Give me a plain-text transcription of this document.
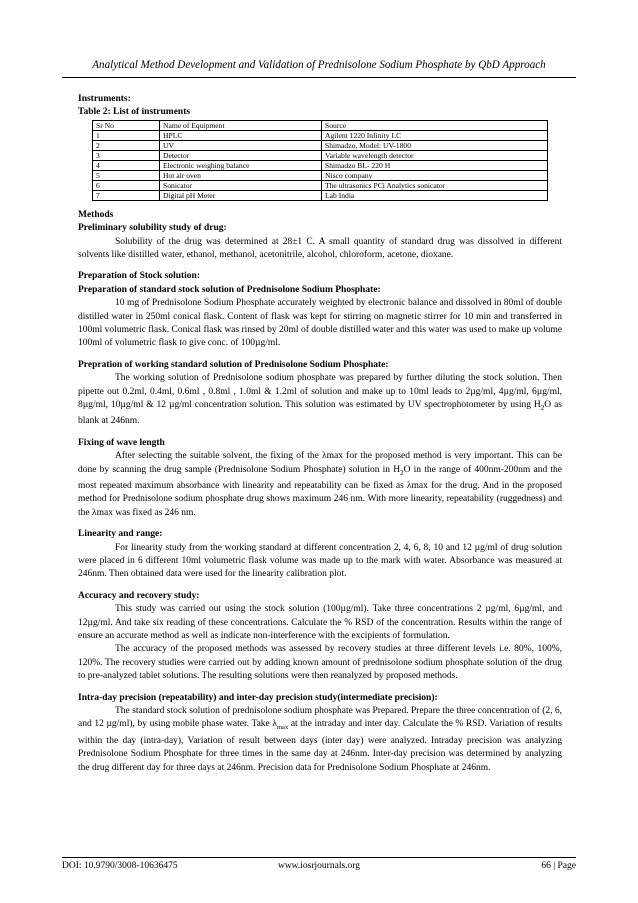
Analytical Method Development and Validation of Prednisolone Sodium Phosphate by QbD Approach

Instruments:

Table 2: List of instruments

Sr No	Name of Equipment	Source
1	HPLC	Agilent 1220 Infinity LC
2	UV	Shimadzo, Model: UV-1800
3	Detector	Variable wavelength detector
4	Electronic weighing balance	Shimadzo BL- 220 H
5	Hot air oven	Nisco company
6	Sonicator	The ultrasonics PCi Analytics sonicator
7	Digital pH Meter	Lab India

Methods

Preliminary solubility study of drug:

Solubility of the drug was determined at 28±1 C. A small quantity of standard drug was dissolved in different solvents like distilled water, ethanol, methanol, acetonitrile, alcohol, chloroform, acetone, dioxane.

Preparation of Stock solution:

Preparation of standard stock solution of Prednisolone Sodium Phosphate:

10 mg of Prednisolone Sodium Phosphate accurately weighted by electronic balance and dissolved in 80ml of double distilled water in 250ml conical flask. Content of flask was kept for stirring on magnetic stirrer for 10 min and transferred in 100ml volumetric flask. Conical flask was rinsed by 20ml of double distilled water and this water was used to make up volume 100ml of volumetric flask to give conc. of 100µg/ml.

Prepration of working standard solution of Prednisolone Sodium Phosphate:

The working solution of Prednisolone sodium phosphate was prepared by further diluting the stock solution. Then pipette out 0.2ml, 0.4ml, 0.6ml , 0.8ml , 1.0ml & 1.2ml of solution and make up to 10ml leads to 2µg/ml, 4µg/ml, 6µg/ml, 8µg/ml, 10µg/ml & 12 µg/ml concentration solution. This solution was estimated by UV spectrophotometer by using $H_2O$ as blank at 246nm.

Fixing of wave length

After selecting the suitable solvent, the fixing of the λmax for the proposed method is very important. This can be done by scanning the drug sample (Prednisolone Sodium Phosphate) solution in $H_2O$ in the range of 400nm-200nm and the most repeated maximum absorbance with linearity and repeatability can be fixed as λmax for the drug. And in the proposed method for Prednisolone sodium phosphate drug shows maximum 246 nm. With more linearity, repeatability (ruggedness) and the λmax was fixed as 246 nm.

Linearity and range:

For linearity study from the working standard at different concentration 2, 4, 6, 8, 10 and 12 µg/ml of drug solution were placed in 6 different 10ml volumetric flask volume was made up to the mark with water. Absorbance was measured at 246nm. Then obtained data were used for the linearity calibration plot.

Accuracy and recovery study:

This study was carried out using the stock solution (100µg/ml). Take three concentrations 2 µg/ml, 6µg/ml, and 12µg/ml. And take six reading of these concentrations. Calculate the % RSD of the concentration. Results within the range of ensure an accurate method as well as indicate non-interference with the excipients of formulation.

The accuracy of the proposed methods was assessed by recovery studies at three different levels i.e. 80%, 100%, 120%. The recovery studies were carried out by adding known amount of prednisolone sodium phosphate solution of the drug to pre-analyzed tablet solutions. The resulting solutions were then reanalyzed by proposed methods.

Intra-day precision (repeatability) and inter-day precision study(intermediate precision):

The standard stock solution of prednisolone sodium phosphate was Prepared. Prepare the three concentration of (2, 6, and 12 µg/ml), by using mobile phase water. Take $\lambda_{max}$ at the intraday and inter day. Calculate the % RSD. Variation of results within the day (intra-day), Variation of result between days (inter day) were analyzed. Intraday precision was analyzing Prednisolone Sodium Phosphate for three times in the same day at 246nm. Inter-day precision was determined by analyzing the drug different day for three days at 246nm. Precision data for Prednisolone Sodium Phosphate at 246nm.

DOI: 10.9790/3008-10636475	www.iosrjournals.org	66 | Page
